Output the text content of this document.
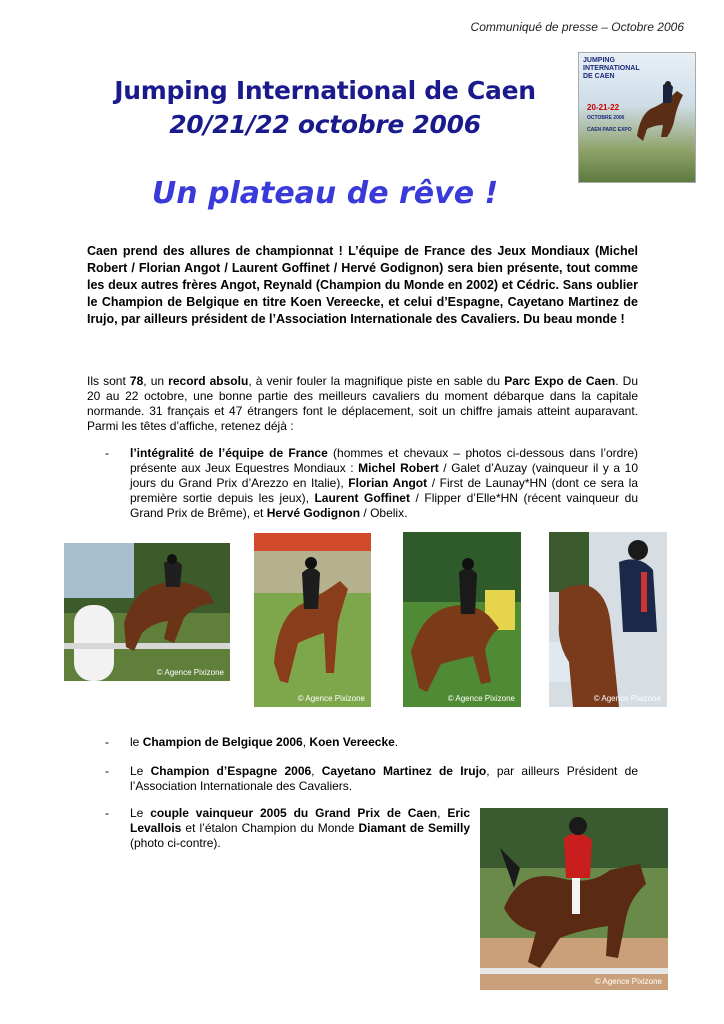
Communiqué de presse – Octobre 2006
Jumping International de Caen
20/21/22 octobre 2006
JUMPING INTERNATIONAL DE CAEN
20-21-22
OCTOBRE 2006
CAEN PARC EXPO
Un plateau de rêve !
Caen prend des allures de championnat ! L’équipe de France des Jeux Mondiaux (Michel Robert / Florian Angot / Laurent Goffinet / Hervé Godignon) sera bien présente, tout comme les deux autres frères Angot, Reynald (Champion du Monde en 2002) et Cédric. Sans oublier le Champion de Belgique en titre Koen Vereecke, et celui d’Espagne, Cayetano Martinez de Irujo, par ailleurs président de l’Association Internationale des Cavaliers. Du beau monde !
Ils sont 78, un record absolu, à venir fouler la magnifique piste en sable du Parc Expo de Caen. Du 20 au 22 octobre, une bonne partie des meilleurs cavaliers du moment débarque dans la capitale normande. 31 français et 47 étrangers font le déplacement, soit un chiffre jamais atteint auparavant. Parmi les têtes d’affiche, retenez déjà :
- l’intégralité de l’équipe de France (hommes et chevaux – photos ci-dessous dans l’ordre) présente aux Jeux Equestres Mondiaux : Michel Robert / Galet d’Auzay (vainqueur il y a 10 jours du Grand Prix d’Arezzo en Italie), Florian Angot / First de Launay*HN (dont ce sera la première sortie depuis les jeux), Laurent Goffinet / Flipper d’Elle*HN (récent vainqueur du Grand Prix de Brême), et Hervé Godignon / Obelix.
© Agence Pixizone
© Agence Pixizone	© Agence Pixizone	© Agence Pixizone
- le Champion de Belgique 2006, Koen Vereecke.
- Le Champion d’Espagne 2006, Cayetano Martinez de Irujo, par ailleurs Président de l’Association Internationale des Cavaliers.
- Le couple vainqueur 2005 du Grand Prix de Caen, Eric Levallois et l’étalon Champion du Monde Diamant de Semilly (photo ci-contre).
© Agence Pixizone
